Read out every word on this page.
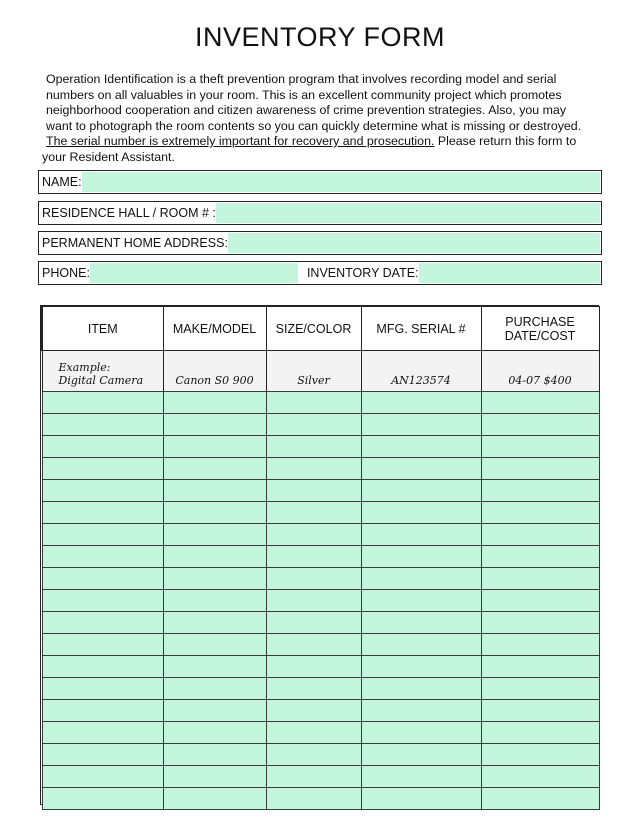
INVENTORY FORM

Operation Identification is a theft prevention program that involves recording model and serial

numbers on all valuables in your room. This is an excellent community project which promotes

neighborhood cooperation and citizen awareness of crime prevention strategies. Also, you may

want to photograph the room contents so you can quickly determine what is missing or destroyed.

The serial number is extremely important for recovery and prosecution. Please return this form to

your Resident Assistant.

NAME:
RESIDENCE HALL / ROOM # :
PERMANENT HOME ADDRESS:
PHONE:	INVENTORY DATE:
ITEM	MAKE/MODEL	SIZE/COLOR	MFG. SERIAL #	PURCHASE
DATE/COST

Example:
Digital Camera	Canon S0 900	Silver	AN123574	04-07 $400
